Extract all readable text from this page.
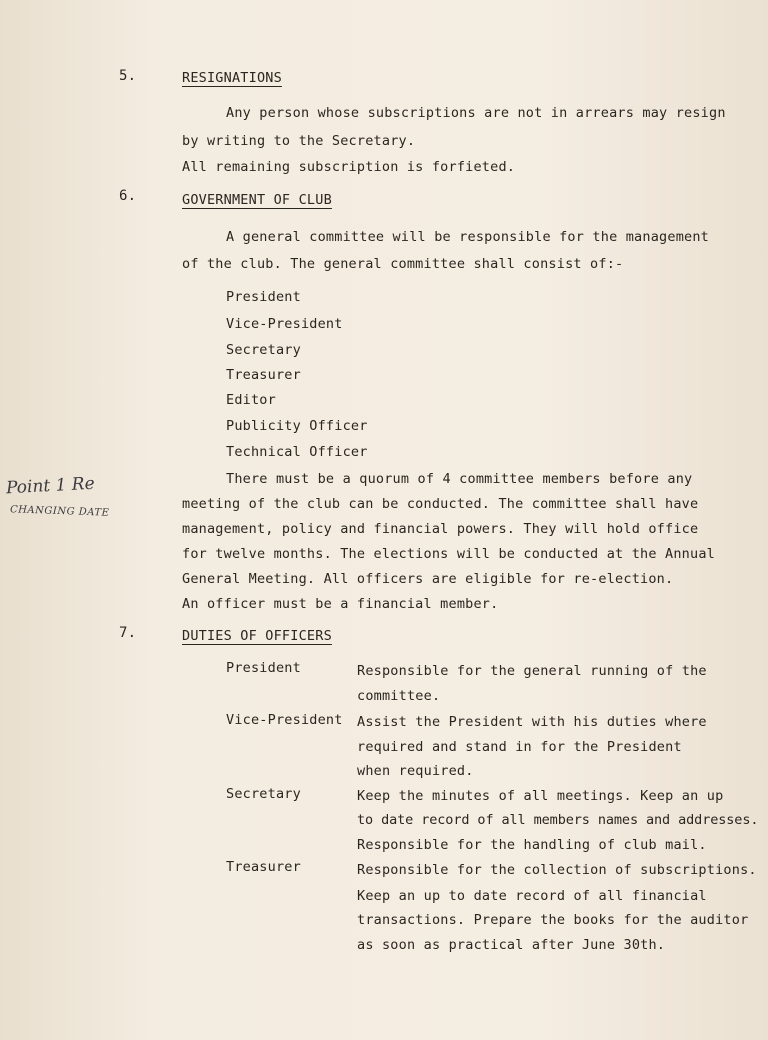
5.	RESIGNATIONS
Any person whose subscriptions are not in arrears may resign
by writing to the Secretary.
All remaining subscription is forfieted.
6.	GOVERNMENT OF CLUB
A general committee will be responsible for the management
of the club. The general committee shall consist of:-
President
Vice-President
Secretary
Treasurer
Editor
Publicity Officer
Technical Officer
There must be a quorum of 4 committee members before any
meeting of the club can be conducted. The committee shall have
management, policy and financial powers. They will hold office
for twelve months. The elections will be conducted at the Annual
General Meeting. All officers are eligible for re-election.
An officer must be a financial member.
Point 1 Re
CHANGING DATE
7.	DUTIES OF OFFICERS
President	Responsible for the general running of the
committee.
Vice-President Assist the President with his duties where
required and stand in for the President
when required.
Secretary	Keep the minutes of all meetings. Keep an up
to date record of all members names and addresses.
Responsible for the handling of club mail.
Treasurer	Responsible for the collection of subscriptions.
Keep an up to date record of all financial
transactions. Prepare the books for the auditor
as soon as practical after June 30th.
